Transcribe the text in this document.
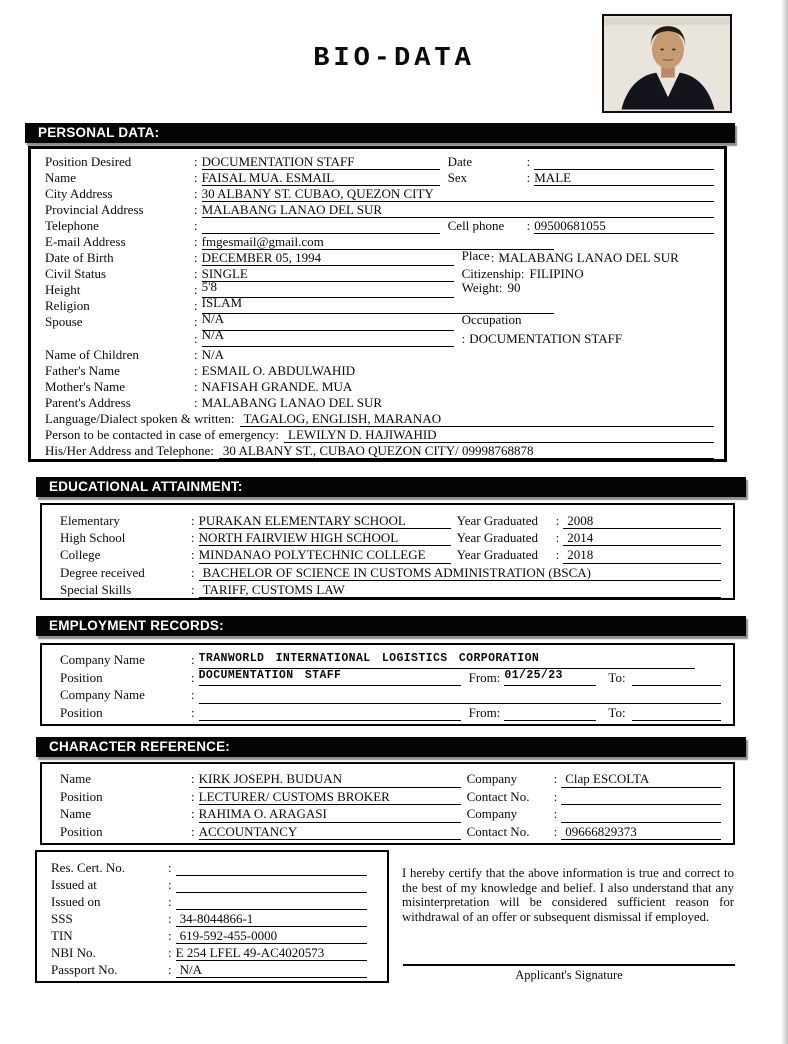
BIO-DATA
PERSONAL DATA:
Position Desired	: DOCUMENTATION STAFF	Date	:
Name	: FAISAL MUA. ESMAIL	Sex	: MALE
City Address	: 30 ALBANY ST. CUBAO, QUEZON CITY
Provincial Address	: MALABANG LANAO DEL SUR
Telephone	:	Cell phone	: 09500681055
E-mail Address	: fmgesmail@gmail.com
Date of Birth	: DECEMBER 05, 1994	Place : MALABANG LANAO DEL SUR
Civil Status	: SINGLE	Citizenship: FILIPINO
Height	: 5'8	Weight: 90
Religion	: ISLAM
Spouse	: N/A	Occupation
: N/A	: DOCUMENTATION STAFF
Name of Children	: N/A
Father's Name	: ESMAIL O. ABDULWAHID
Mother's Name	: NAFISAH GRANDE. MUA
Parent's Address	: MALABANG LANAO DEL SUR
Language/Dialect spoken & written: TAGALOG, ENGLISH, MARANAO
Person to be contacted in case of emergency: LEWILYN D. HAJIWAHID
His/Her Address and Telephone: 30 ALBANY ST., CUBAO QUEZON CITY/ 09998768878
EDUCATIONAL ATTAINMENT:
Elementary	: PURAKAN ELEMENTARY SCHOOL	Year Graduated	: 2008
High School	: NORTH FAIRVIEW HIGH SCHOOL	Year Graduated	: 2014
College	: MINDANAO POLYTECHNIC COLLEGE	Year Graduated	: 2018
Degree received	: BACHELOR OF SCIENCE IN CUSTOMS ADMINISTRATION (BSCA)
Special Skills	: TARIFF, CUSTOMS LAW
EMPLOYMENT RECORDS:
Company Name	: TRANWORLD INTERNATIONAL LOGISTICS CORPORATION
Position	: DOCUMENTATION STAFF	From: 01/25/23	To:
Company Name	:
Position	:	From:	To:
CHARACTER REFERENCE:
Name	: KIRK JOSEPH. BUDUAN	Company	: Clap ESCOLTA
Position	: LECTURER/ CUSTOMS BROKER	Contact No.	:
Name	: RAHIMA O. ARAGASI	Company	:
Position	: ACCOUNTANCY	Contact No.	: 09666829373
Res. Cert. No.	:
Issued at	:
Issued on	:
SSS	: 34-8044866-1
TIN	: 619-592-455-0000
NBI No.	: E 254 LFEL 49-AC4020573
Passport No.	: N/A
I hereby certify that the above information is true and correct to the best of my knowledge and belief. I also understand that any misinterpretation will be considered sufficient reason for withdrawal of an offer or subsequent dismissal if employed.
Applicant's Signature
